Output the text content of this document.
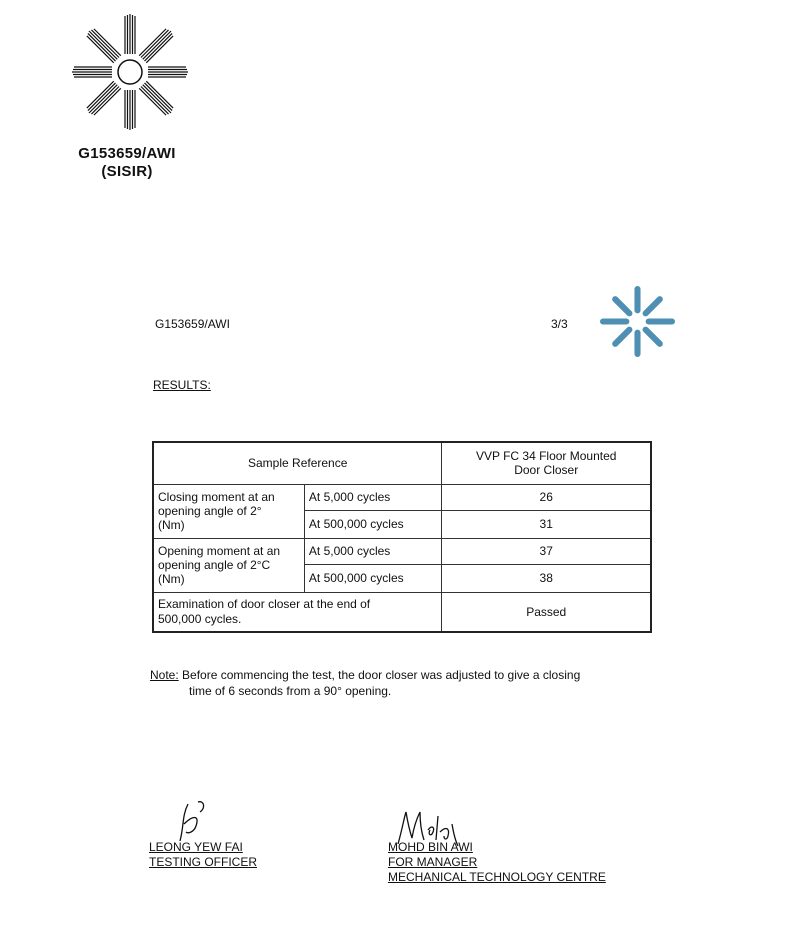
G153659/AWI
(SISIR)
G153659/AWI	3/3
RESULTS:
Sample Reference		VVP FC 34 Floor Mounted
Door Closer

Closing moment at an
opening angle of 2°
(Nm)	At 5,000 cycles	26
	At 500,000 cycles	31

Opening moment at an
opening angle of 2°C
(Nm)	At 5,000 cycles	37
	At 500,000 cycles	38

Examination of door closer at the end of
500,000 cycles.		Passed
Note: Before commencing the test, the door closer was adjusted to give a closing
time of 6 seconds from a 90° opening.
LEONG YEW FAI
TESTING OFFICER
MOHD BIN AWI
FOR MANAGER
MECHANICAL TECHNOLOGY CENTRE
